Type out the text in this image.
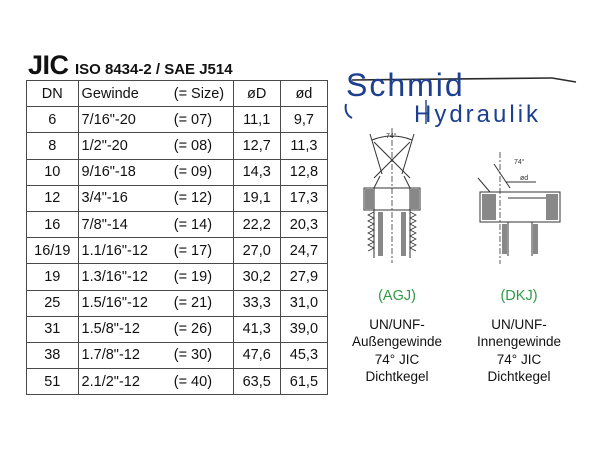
JIC ISO 8434-2 / SAE J514
DN	Gewinde	(= Size)	øD	ød
6	7/16"-20	(= 07)	11,1	9,7
8	1/2"-20	(= 08)	12,7	11,3
10	9/16"-18	(= 09)	14,3	12,8
12	3/4"-16	(= 12)	19,1	17,3
16	7/8"-14	(= 14)	22,2	20,3
16/19	1.1/16"-12	(= 17)	27,0	24,7
19	1.3/16"-12	(= 19)	30,2	27,9
25	1.5/16"-12	(= 21)	33,3	31,0
31	1.5/8"-12	(= 26)	41,3	39,0
38	1.7/8"-12	(= 30)	47,6	45,3
51	2.1/2"-12	(= 40)	63,5	61,5
Schmid
Hydraulik
74°
74°
ød
(AGJ)
UN/UNF-
Außengewinde
74° JIC
Dichtkegel
(DKJ)
UN/UNF-
Innengewinde
74° JIC
Dichtkegel
